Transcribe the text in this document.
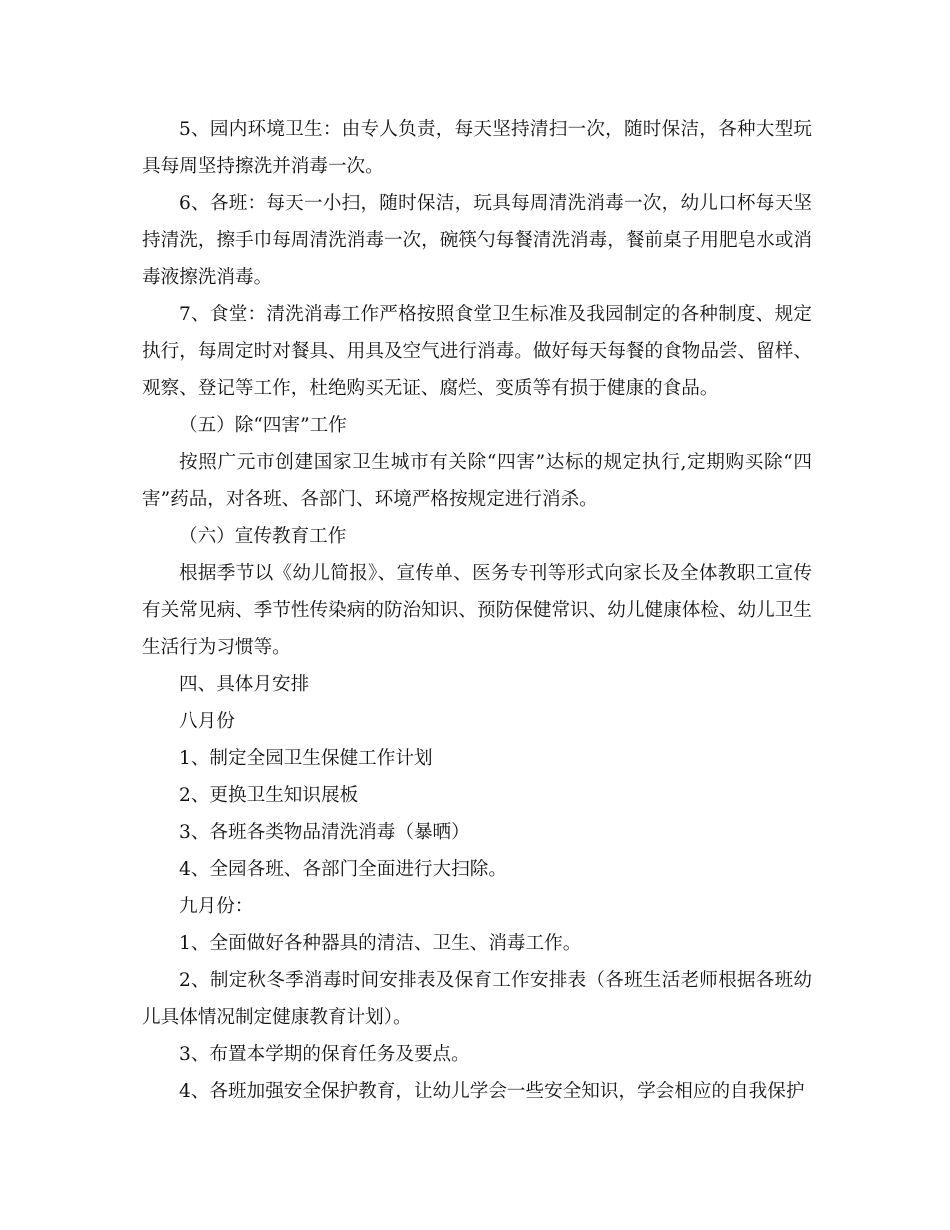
5、园内环境卫生：由专人负责，每天坚持清扫一次，随时保洁，各种大型玩具每周坚持擦洗并消毒一次。

6、各班：每天一小扫，随时保洁，玩具每周清洗消毒一次，幼儿口杯每天坚持清洗，擦手巾每周清洗消毒一次，碗筷勺每餐清洗消毒，餐前桌子用肥皂水或消毒液擦洗消毒。

7、食堂：清洗消毒工作严格按照食堂卫生标准及我园制定的各种制度、规定执行，每周定时对餐具、用具及空气进行消毒。做好每天每餐的食物品尝、留样、观察、登记等工作，杜绝购买无证、腐烂、变质等有损于健康的食品。

（五）除“四害”工作

按照广元市创建国家卫生城市有关除“四害”达标的规定执行,定期购买除“四害”药品，对各班、各部门、环境严格按规定进行消杀。

（六）宣传教育工作

根据季节以《幼儿简报》、宣传单、医务专刊等形式向家长及全体教职工宣传有关常见病、季节性传染病的防治知识、预防保健常识、幼儿健康体检、幼儿卫生生活行为习惯等。

四、具体月安排

八月份

1、制定全园卫生保健工作计划

2、更换卫生知识展板

3、各班各类物品清洗消毒（暴晒）

4、全园各班、各部门全面进行大扫除。

九月份：

1、全面做好各种器具的清洁、卫生、消毒工作。

2、制定秋冬季消毒时间安排表及保育工作安排表（各班生活老师根据各班幼儿具体情况制定健康教育计划）。

3、布置本学期的保育任务及要点。

4、各班加强安全保护教育，让幼儿学会一些安全知识，学会相应的自我保护
